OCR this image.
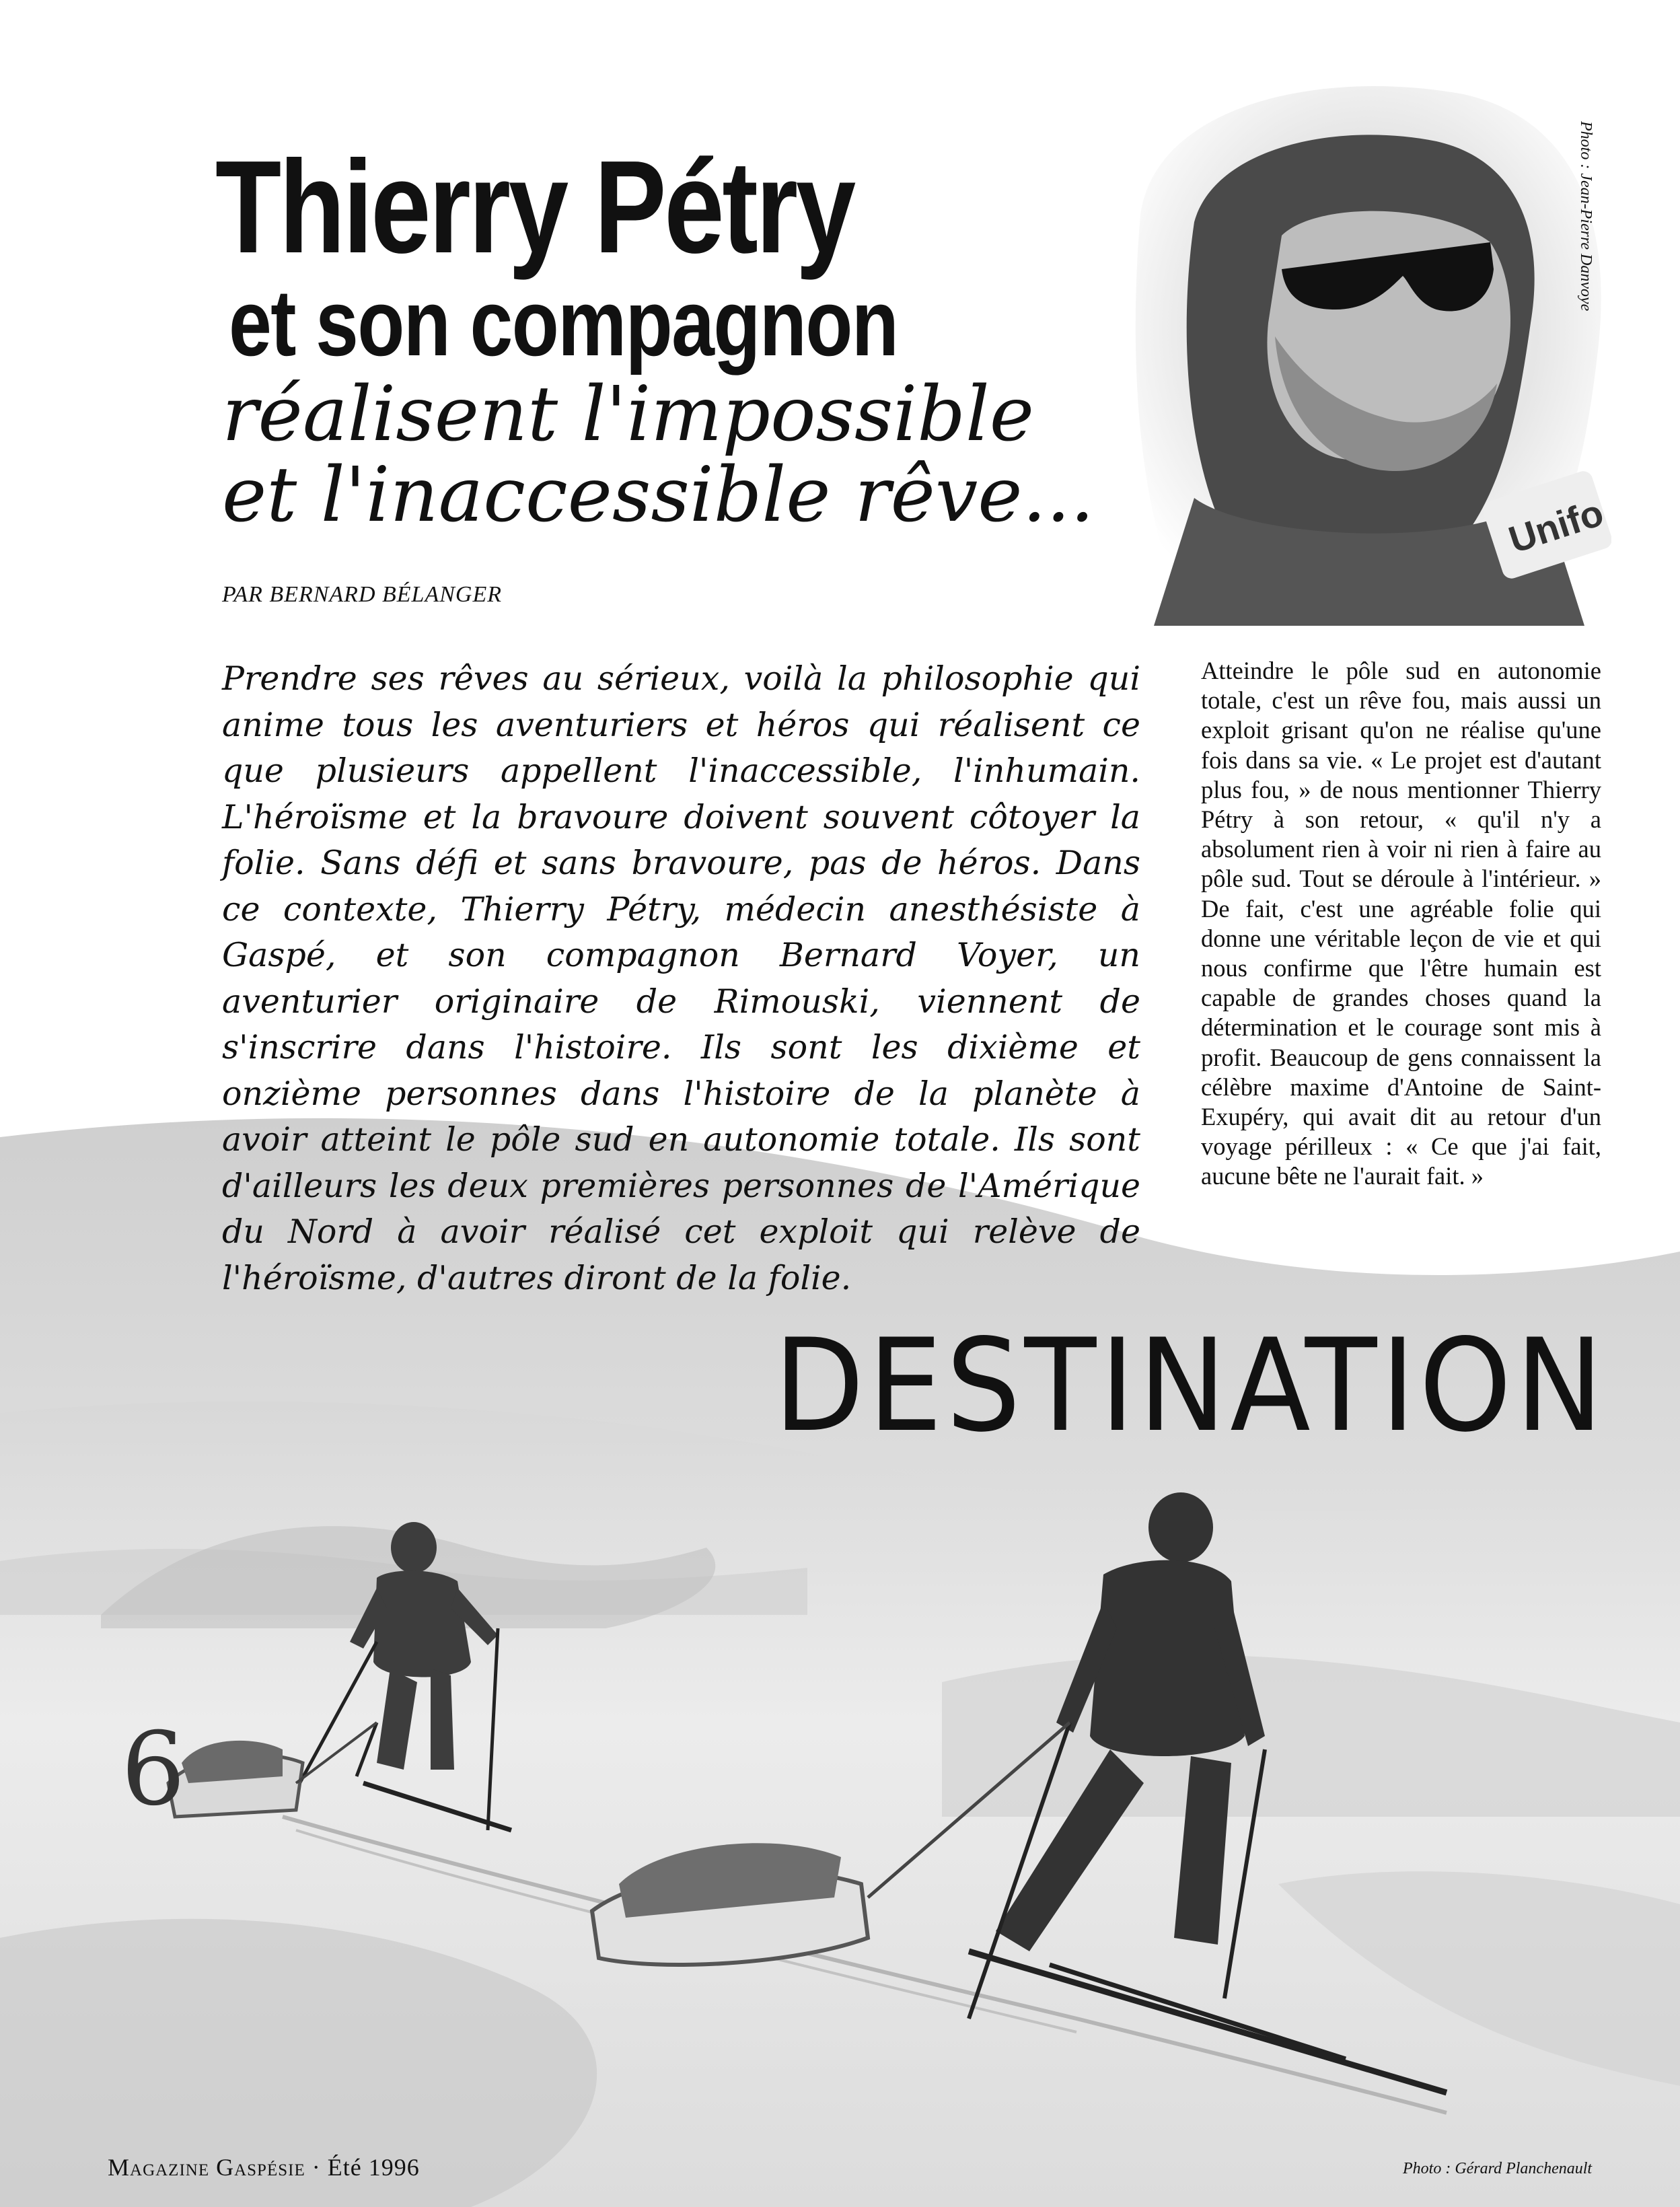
Thierry Pétry
et son compagnon
réalisent l'impossible
et l'inaccessible rêve...
PAR BERNARD BÉLANGER
Unifo
Photo : Jean-Pierre Danvoye
Prendre ses rêves au sérieux, voilà la philosophie qui anime tous les aventuriers et héros qui réalisent ce que plusieurs appellent l'inaccessible, l'inhumain. L'héroïsme et la bravoure doivent souvent côtoyer la folie. Sans défi et sans bravoure, pas de héros. Dans ce contexte, Thierry Pétry, médecin anesthésiste à Gaspé, et son compagnon Bernard Voyer, un aventurier originaire de Rimouski, viennent de s'inscrire dans l'histoire. Ils sont les dixième et onzième personnes dans l'histoire de la planète à avoir atteint le pôle sud en autonomie totale. Ils sont d'ailleurs les deux premières personnes de l'Amérique du Nord à avoir réalisé cet exploit qui relève de l'héroïsme, d'autres diront de la folie.
Atteindre le pôle sud en autonomie totale, c'est un rêve fou, mais aussi un exploit grisant qu'on ne réalise qu'une fois dans sa vie. « Le projet est d'autant plus fou, » de nous mentionner Thierry Pétry à son retour, « qu'il n'y a absolument rien à voir ni rien à faire au pôle sud. Tout se déroule à l'intérieur. » De fait, c'est une agréable folie qui donne une véritable leçon de vie et qui nous confirme que l'être humain est capable de grandes choses quand la détermination et le courage sont mis à profit. Beaucoup de gens connaissent la célèbre maxime d'Antoine de Saint-Exupéry, qui avait dit au retour d'un voyage périlleux : « Ce que j'ai fait, aucune bête ne l'aurait fait. »
DESTINATION
6
Magazine Gaspésie · Été 1996	Photo : Gérard Planchenault
